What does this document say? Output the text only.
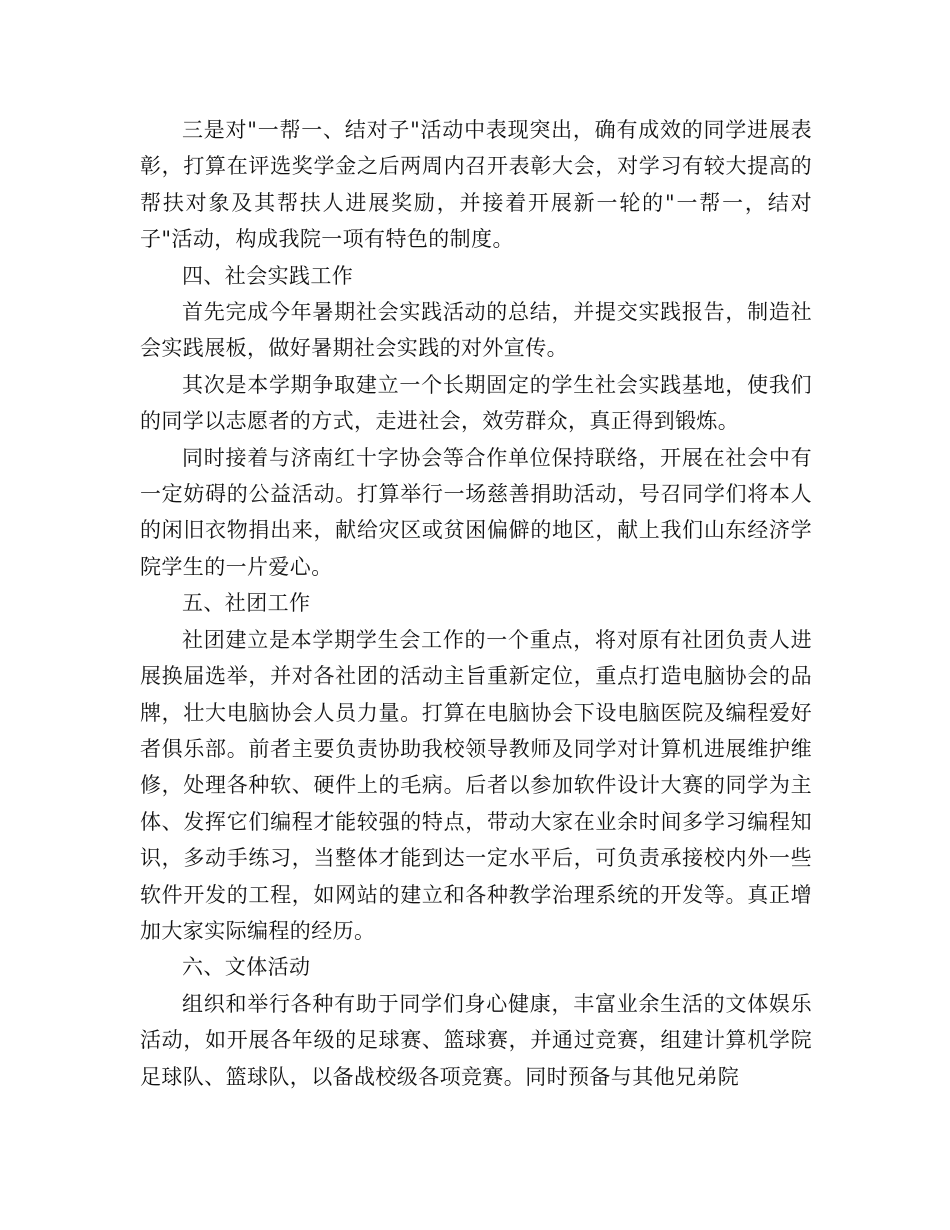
三是对"一帮一、结对子"活动中表现突出，确有成效的同学进展表彰，打算在评选奖学金之后两周内召开表彰大会，对学习有较大提高的帮扶对象及其帮扶人进展奖励，并接着开展新一轮的"一帮一，结对子"活动，构成我院一项有特色的制度。

四、社会实践工作

首先完成今年暑期社会实践活动的总结，并提交实践报告，制造社会实践展板，做好暑期社会实践的对外宣传。

其次是本学期争取建立一个长期固定的学生社会实践基地，使我们的同学以志愿者的方式，走进社会，效劳群众，真正得到锻炼。

同时接着与济南红十字协会等合作单位保持联络，开展在社会中有一定妨碍的公益活动。打算举行一场慈善捐助活动，号召同学们将本人的闲旧衣物捐出来，献给灾区或贫困偏僻的地区，献上我们山东经济学院学生的一片爱心。

五、社团工作

社团建立是本学期学生会工作的一个重点，将对原有社团负责人进展换届选举，并对各社团的活动主旨重新定位，重点打造电脑协会的品牌，壮大电脑协会人员力量。打算在电脑协会下设电脑医院及编程爱好者俱乐部。前者主要负责协助我校领导教师及同学对计算机进展维护维修，处理各种软、硬件上的毛病。后者以参加软件设计大赛的同学为主体、发挥它们编程才能较强的特点，带动大家在业余时间多学习编程知识，多动手练习，当整体才能到达一定水平后，可负责承接校内外一些软件开发的工程，如网站的建立和各种教学治理系统的开发等。真正增加大家实际编程的经历。

六、文体活动

组织和举行各种有助于同学们身心健康，丰富业余生活的文体娱乐活动，如开展各年级的足球赛、篮球赛，并通过竞赛，组建计算机学院足球队、篮球队，以备战校级各项竞赛。同时预备与其他兄弟院
